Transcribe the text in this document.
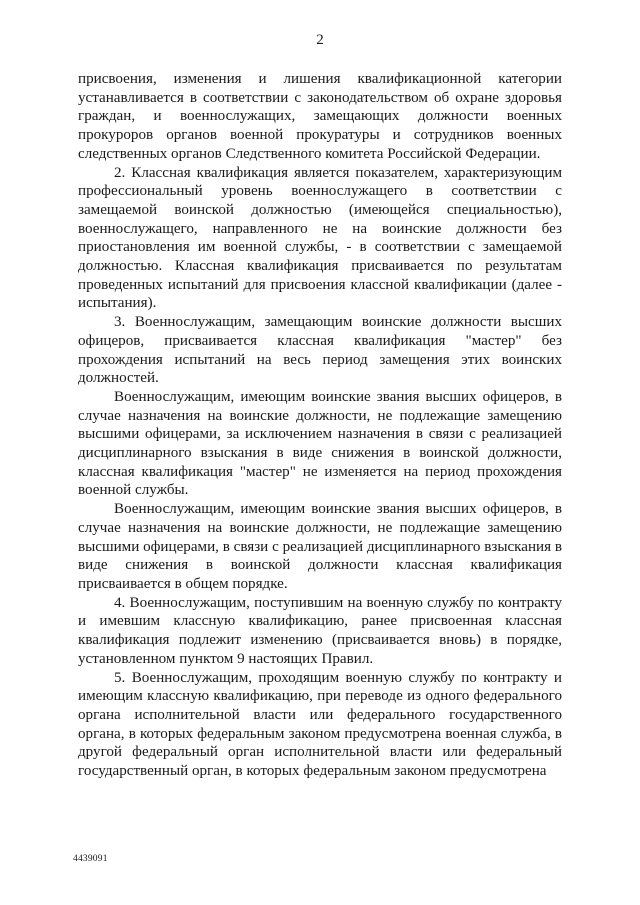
2

присвоения, изменения и лишения квалификационной категории устанавливается в соответствии с законодательством об охране здоровья граждан, и военнослужащих, замещающих должности военных прокуроров органов военной прокуратуры и сотрудников военных следственных органов Следственного комитета Российской Федерации.

2. Классная квалификация является показателем, характеризующим профессиональный уровень военнослужащего в соответствии с замещаемой воинской должностью (имеющейся специальностью), военнослужащего, направленного не на воинские должности без приостановления им военной службы, - в соответствии с замещаемой должностью. Классная квалификация присваивается по результатам проведенных испытаний для присвоения классной квалификации (далее - испытания).

3. Военнослужащим, замещающим воинские должности высших офицеров, присваивается классная квалификация "мастер" без прохождения испытаний на весь период замещения этих воинских должностей.

Военнослужащим, имеющим воинские звания высших офицеров, в случае назначения на воинские должности, не подлежащие замещению высшими офицерами, за исключением назначения в связи с реализацией дисциплинарного взыскания в виде снижения в воинской должности, классная квалификация "мастер" не изменяется на период прохождения военной службы.

Военнослужащим, имеющим воинские звания высших офицеров, в случае назначения на воинские должности, не подлежащие замещению высшими офицерами, в связи с реализацией дисциплинарного взыскания в виде снижения в воинской должности классная квалификация присваивается в общем порядке.

4. Военнослужащим, поступившим на военную службу по контракту и имевшим классную квалификацию, ранее присвоенная классная квалификация подлежит изменению (присваивается вновь) в порядке, установленном пунктом 9 настоящих Правил.

5. Военнослужащим, проходящим военную службу по контракту и имеющим классную квалификацию, при переводе из одного федерального органа исполнительной власти или федерального государственного органа, в которых федеральным законом предусмотрена военная служба, в другой федеральный орган исполнительной власти или федеральный государственный орган, в которых федеральным законом предусмотрена

4439091
